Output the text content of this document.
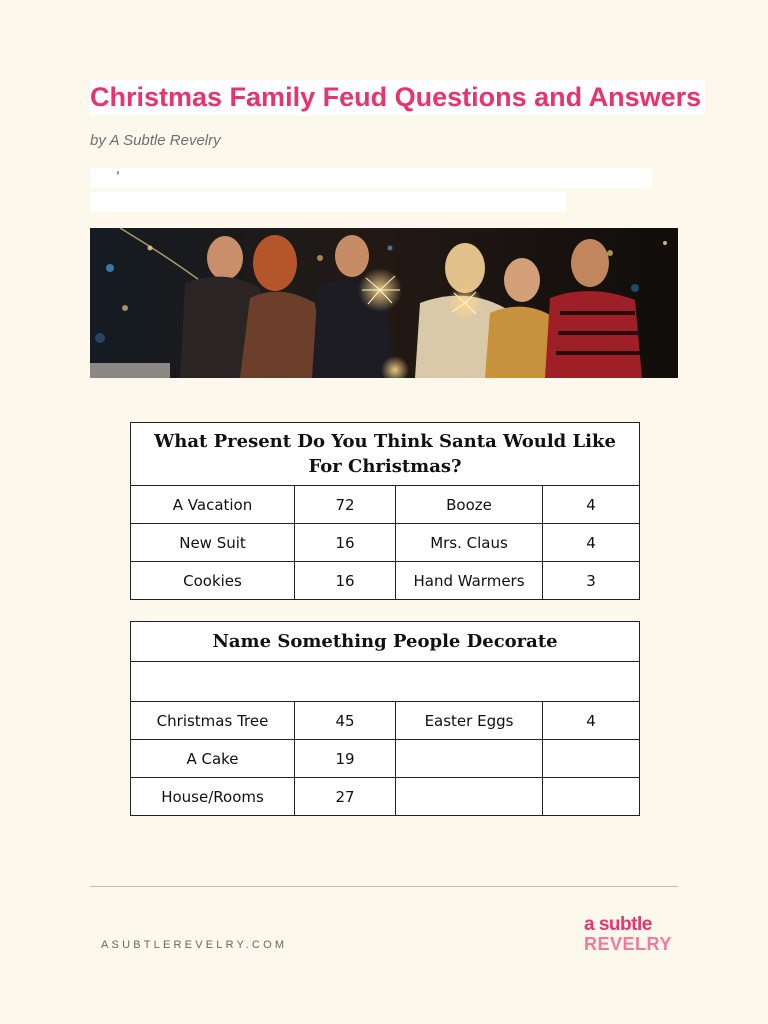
Christmas Family Feud Questions and Answers
by A Subtle Revelry
,
What Present Do You Think Santa Would Like For Christmas?			
A Vacation	72	Booze	4
New Suit	16	Mrs. Claus	4
Cookies	16	Hand Warmers	3
Name Something People Decorate			

Christmas Tree	45	Easter Eggs	4
A Cake	19		
House/Rooms	27		
ASUBTLEREVELRY.COM
a subtle
REVELRY
